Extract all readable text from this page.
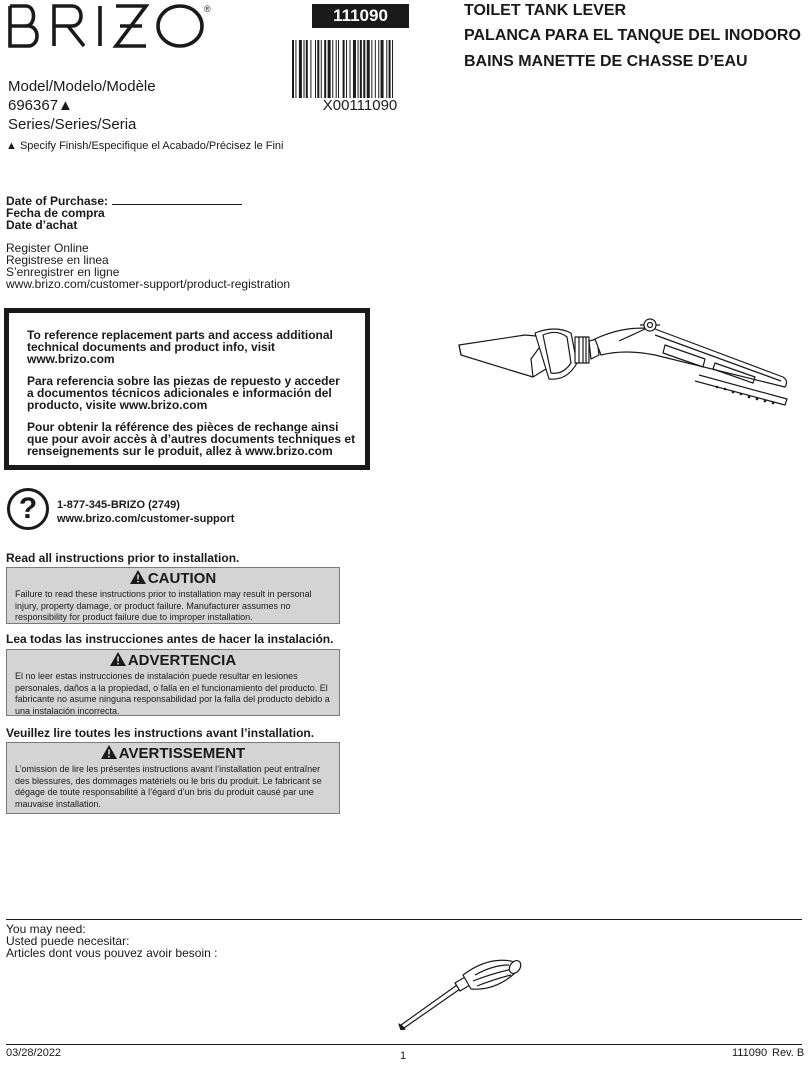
®	111090
X00111090
TOILET TANK LEVER
PALANCA PARA EL TANQUE DEL INODORO
BAINS MANETTE DE CHASSE D’EAU
Model/Modelo/Modèle
696367▲
Series/Series/Seria
▲ Specify Finish/Especifique el Acabado/Précisez le Fini
Date of Purchase:
Fecha de compra
Date d’achat
Register Online
Registrese en linea
S’enregistrer en ligne
www.brizo.com/customer-support/product-registration

To reference replacement parts and access additional
technical documents and product info, visit www.brizo.com

Para referencia sobre las piezas de repuesto y acceder
a documentos técnicos adicionales e información del
producto, visite www.brizo.com

Pour obtenir la référence des pièces de rechange ainsi
que pour avoir accès à d’autres documents techniques et
renseignements sur le produit, allez à www.brizo.com

?	1-877-345-BRIZO (2749)
www.brizo.com/customer-support
Read all instructions prior to installation.
CAUTION
Failure to read these instructions prior to installation may result in personal injury, property damage, or product failure. Manufacturer assumes no responsibility for product failure due to improper installation.
Lea todas las instrucciones antes de hacer la instalación.
ADVERTENCIA
El no leer estas instrucciones de instalación puede resultar en lesiones personales, daños a la propiedad, o falla en el funcionamiento del producto. El fabricante no asume ninguna responsabilidad por la falla del producto debido a una instalación incorrecta.
Veuillez lire toutes les instructions avant l’installation.
AVERTISSEMENT
L’omission de lire les présentes instructions avant l’installation peut entraîner des blessures, des dommages matériels ou le bris du produit. Le fabricant se dégage de toute responsabilité à l’égard d’un bris du produit causé par une mauvaise installation.
You may need:
Usted puede necesitar:
Articles dont vous pouvez avoir besoin :
03/28/2022	1	111090 Rev. B
